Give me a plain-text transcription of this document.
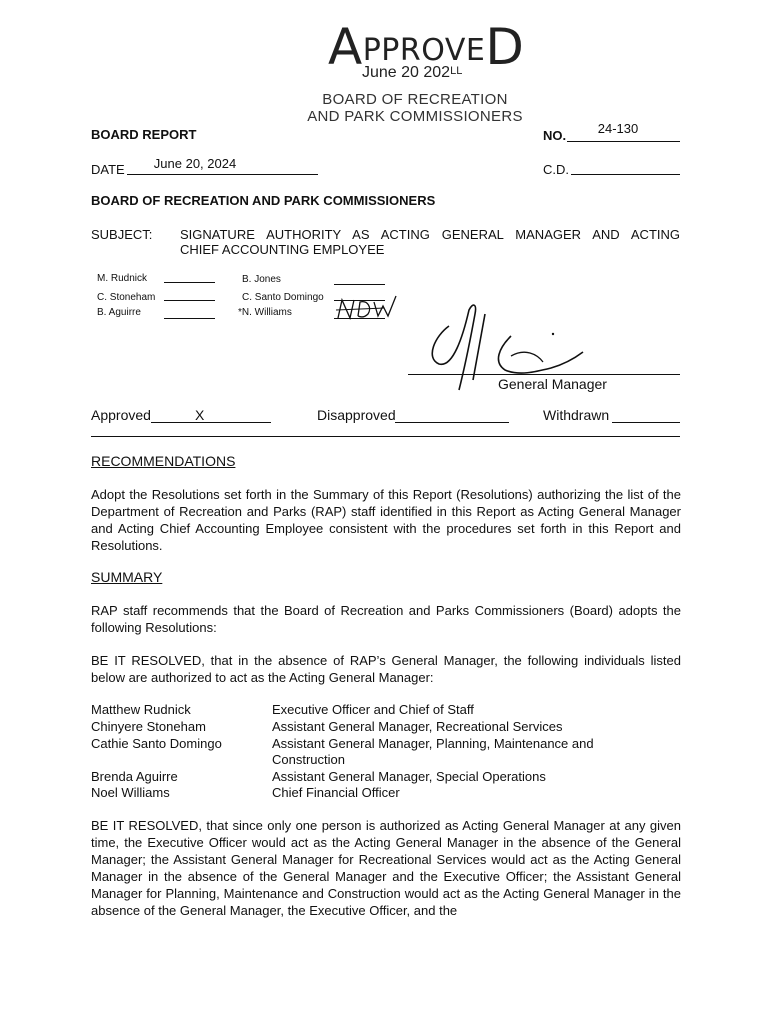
APPROVED
June 20 202LL
BOARD OF RECREATION
AND PARK COMMISSIONERS
BOARD REPORT	NO.	24-130
DATE	June 20, 2024	C.D.
BOARD OF RECREATION AND PARK COMMISSIONERS
SUBJECT: SIGNATURE AUTHORITY AS ACTING GENERAL MANAGER AND ACTING
CHIEF ACCOUNTING EMPLOYEE
M. Rudnick
C. Stoneham
B. Aguirre
B. Jones
C. Santo Domingo
*N. Williams
General Manager
Approved	X	Disapproved	Withdrawn
RECOMMENDATIONS
Adopt the Resolutions set forth in the Summary of this Report (Resolutions) authorizing the list of the Department of Recreation and Parks (RAP) staff identified in this Report as Acting General Manager and Acting Chief Accounting Employee consistent with the procedures set forth in this Report and Resolutions.
SUMMARY
RAP staff recommends that the Board of Recreation and Parks Commissioners (Board) adopts the following Resolutions:
BE IT RESOLVED, that in the absence of RAP’s General Manager, the following individuals listed below are authorized to act as the Acting General Manager:
Matthew Rudnick	Executive Officer and Chief of Staff
Chinyere Stoneham	Assistant General Manager, Recreational Services
Cathie Santo Domingo	Assistant General Manager, Planning, Maintenance and
Construction
Brenda Aguirre	Assistant General Manager, Special Operations
Noel Williams	Chief Financial Officer
BE IT RESOLVED, that since only one person is authorized as Acting General Manager at any given time, the Executive Officer would act as the Acting General Manager in the absence of the General Manager; the Assistant General Manager for Recreational Services would act as the Acting General Manager in the absence of the General Manager and the Executive Officer; the Assistant General Manager for Planning, Maintenance and Construction would act as the Acting General Manager in the absence of the General Manager, the Executive Officer, and the
